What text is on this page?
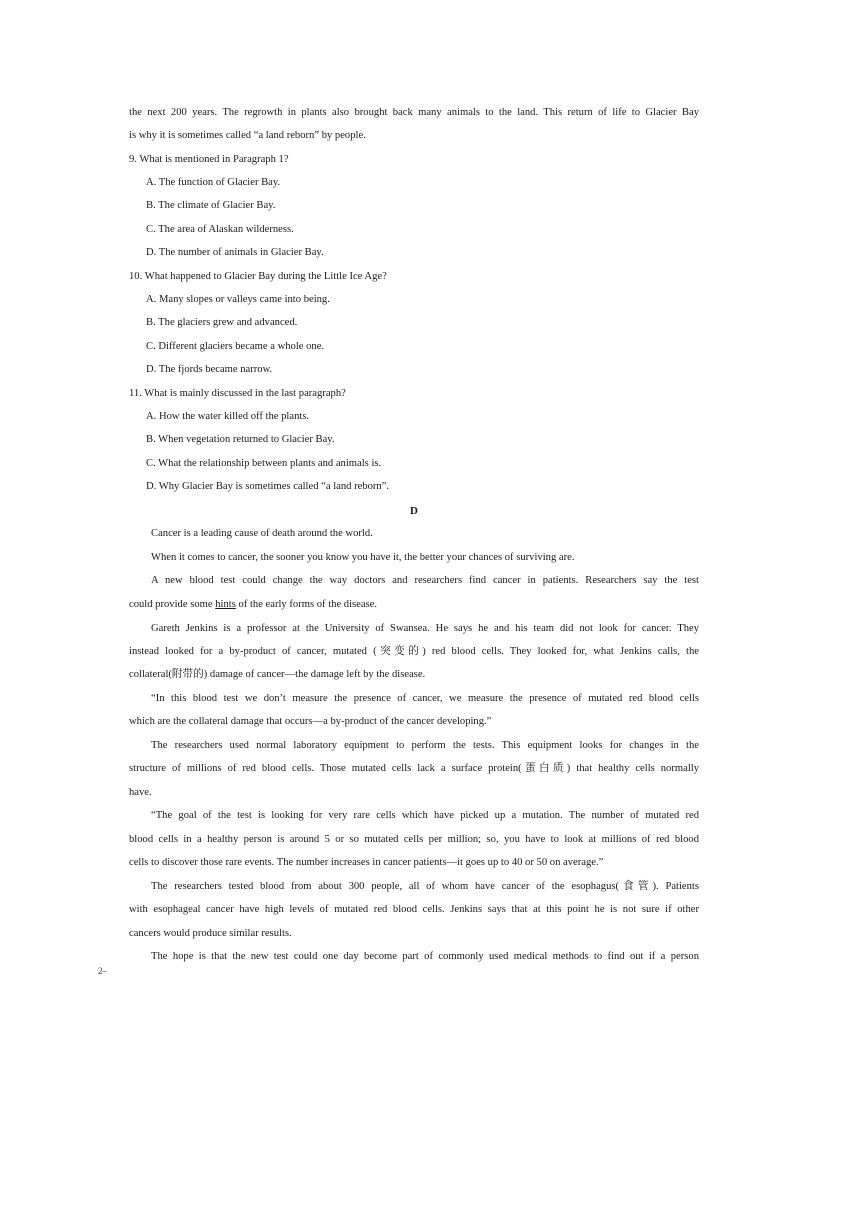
the next 200 years. The regrowth in plants also brought back many animals to the land. This return of life to Glacier Bay
is why it is sometimes called “a land reborn” by people.
9. What is mentioned in Paragraph 1?
A. The function of Glacier Bay.
B. The climate of Glacier Bay.
C. The area of Alaskan wilderness.
D. The number of animals in Glacier Bay.
10. What happened to Glacier Bay during the Little Ice Age?
A. Many slopes or valleys came into being.
B. The glaciers grew and advanced.
C. Different glaciers became a whole one.
D. The fjords became narrow.
11. What is mainly discussed in the last paragraph?
A. How the water killed off the plants.
B. When vegetation returned to Glacier Bay.
C. What the relationship between plants and animals is.
D. Why Glacier Bay is sometimes called “a land reborn”.
D
Cancer is a leading cause of death around the world.
When it comes to cancer, the sooner you know you have it, the better your chances of surviving are.
A new blood test could change the way doctors and researchers find cancer in patients. Researchers say the test
could provide some hints of the early forms of the disease.
Gareth Jenkins is a professor at the University of Swansea. He says he and his team did not look for cancer. They
instead looked for a by-product of cancer, mutated (突变的) red blood cells. They looked for, what Jenkins calls, the
collateral(附带的) damage of cancer—the damage left by the disease.
“In this blood test we don’t measure the presence of cancer, we measure the presence of mutated red blood cells
which are the collateral damage that occurs—a by-product of the cancer developing.”
The researchers used normal laboratory equipment to perform the tests. This equipment looks for changes in the
structure of millions of red blood cells. Those mutated cells lack a surface protein(蛋白质) that healthy cells normally
have.
“The goal of the test is looking for very rare cells which have picked up a mutation. The number of mutated red
blood cells in a healthy person is around 5 or so mutated cells per million; so, you have to look at millions of red blood
cells to discover those rare events. The number increases in cancer patients—it goes up to 40 or 50 on average.”
The researchers tested blood from about 300 people, all of whom have cancer of the esophagus(食管). Patients
with esophageal cancer have high levels of mutated red blood cells. Jenkins says that at this point he is not sure if other
cancers would produce similar results.
The hope is that the new test could one day become part of commonly used medical methods to find out if a person
2–
